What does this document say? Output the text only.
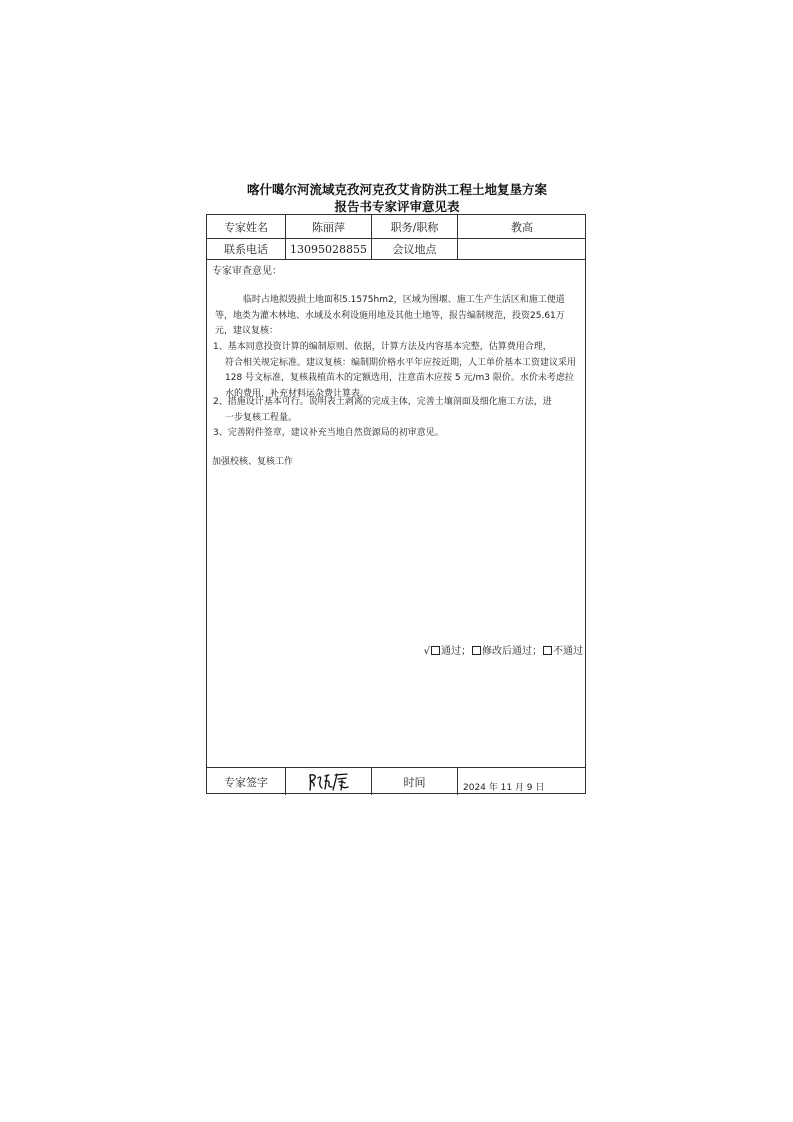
喀什噶尔河流域克孜河克孜艾肯防洪工程土地复垦方案
报告书专家评审意见表
专家姓名	陈丽萍	职务/职称	教高
联系电话	13095028855	会议地点
专家审查意见：
临时占地拟毁损土地面积5.1575hm2，区域为围堰、施工生产生活区和施工便道等，地类为灌木林地、水域及水利设施用地及其他土地等，报告编制规范，投资25.61万元，建议复核：
1、基本同意投资计算的编制原则、依据，计算方法及内容基本完整，估算费用合理，
符合相关规定标准。建议复核：编制期价格水平年应按近期，人工单价基本工资建议采用 128 号文标准，复核栽植苗木的定额选用，注意苗木应按 5 元/m3 限价。水价未考虑拉水的费用，补充材料运杂费计算表。
2、措施设计基本可行。说明表土剥离的完成主体，完善土壤剖面及细化施工方法，进
一步复核工程量。
3、完善附件签章，建议补充当地自然资源局的初审意见。
加强校核、复核工作
√ 通过； 修改后通过； 不通过
专家签字	时间	2024 年 11 月 9 日
